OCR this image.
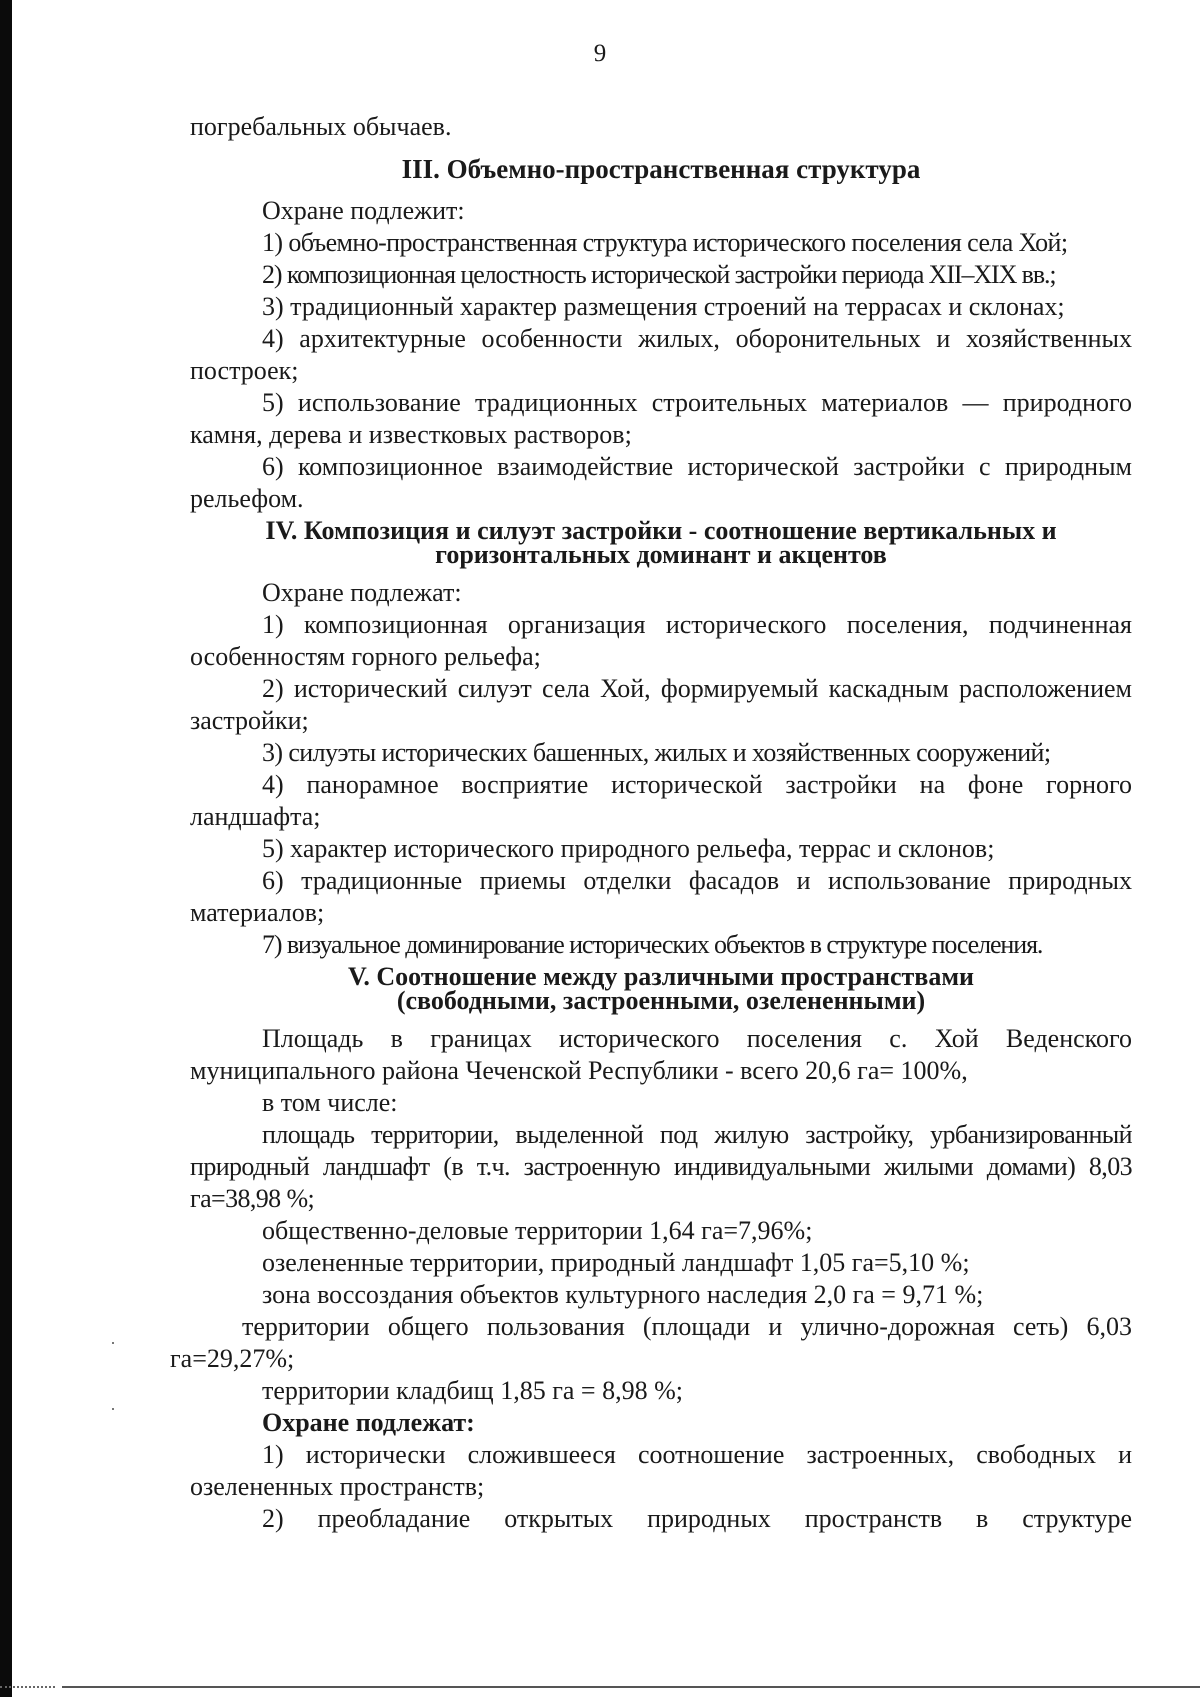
9

погребальных обычаев.

III. Объемно-пространственная структура

Охране подлежит:

1) объемно-пространственная структура исторического поселения села Хой;

2) композиционная целостность исторической застройки периода XII–XIX вв.;

3) традиционный характер размещения строений на террасах и склонах;

4) архитектурные особенности жилых, оборонительных и хозяйственных построек;

5) использование традиционных строительных материалов — природного камня, дерева и известковых растворов;

6) композиционное взаимодействие исторической застройки с природным рельефом.

IV. Композиция и силуэт застройки - соотношение вертикальных и
горизонтальных доминант и акцентов

Охране подлежат:

1) композиционная организация исторического поселения, подчиненная особенностям горного рельефа;

2) исторический силуэт села Хой, формируемый каскадным расположением застройки;

3) силуэты исторических башенных, жилых и хозяйственных сооружений;

4) панорамное восприятие исторической застройки на фоне горного ландшафта;

5) характер исторического природного рельефа, террас и склонов;

6) традиционные приемы отделки фасадов и использование природных материалов;

7) визуальное доминирование исторических объектов в структуре поселения.

V. Соотношение между различными пространствами
(свободными, застроенными, озелененными)

Площадь в границах исторического поселения с. Хой Веденского муниципального района Чеченской Республики - всего 20,6 га= 100%,

в том числе:

площадь территории, выделенной под жилую застройку, урбанизированный природный ландшафт (в т.ч. застроенную индивидуальными жилыми домами) 8,03 га=38,98 %;

общественно-деловые территории 1,64 га=7,96%;

озелененные территории, природный ландшафт 1,05 га=5,10 %;

зона воссоздания объектов культурного наследия 2,0 га = 9,71 %;

территории общего пользования (площади и улично-дорожная сеть) 6,03 га=29,27%;

территории кладбищ 1,85 га = 8,98 %;

Охране подлежат:

1) исторически сложившееся соотношение застроенных, свободных и озелененных пространств;

2) преобладание открытых природных пространств в структуре
